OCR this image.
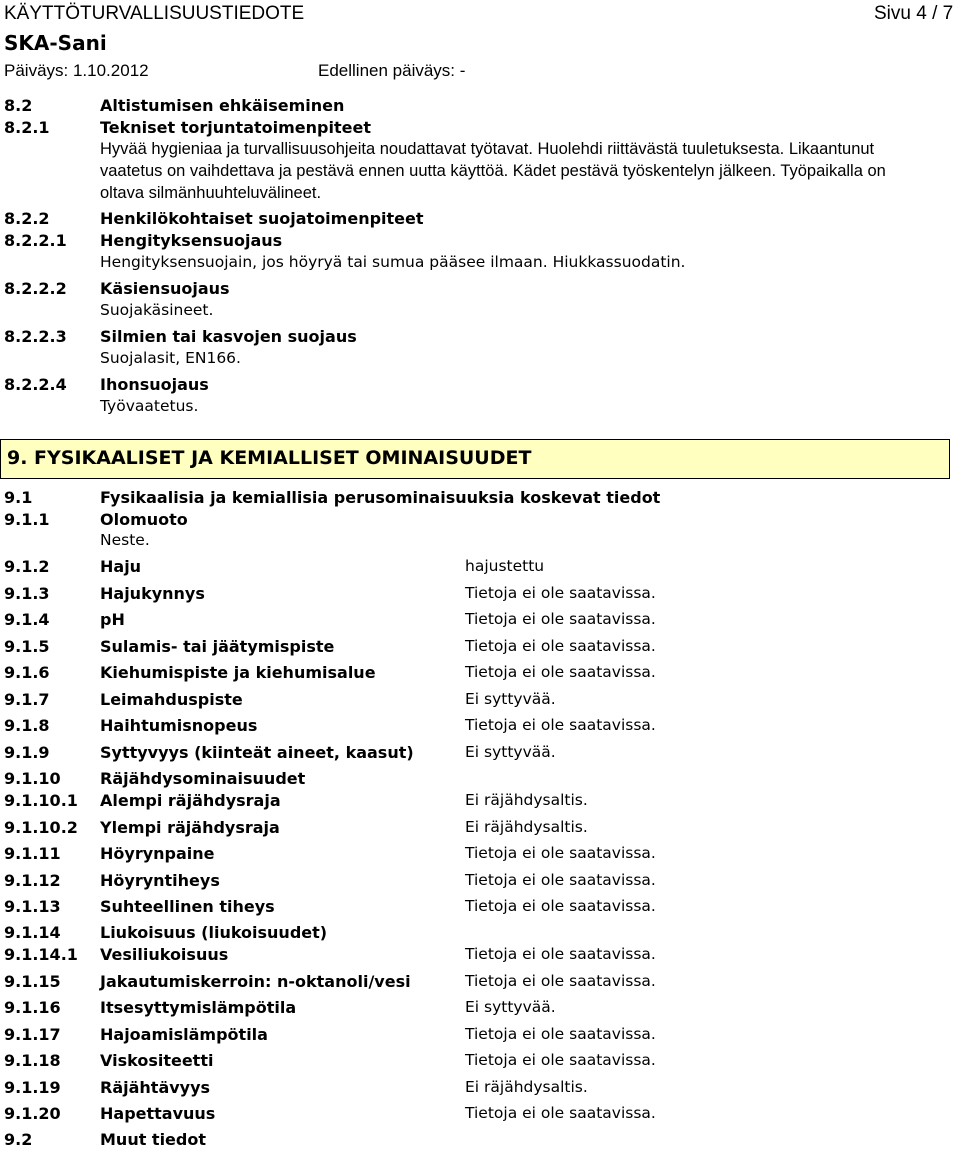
KÄYTTÖTURVALLISUUSTIEDOTE	Sivu 4 / 7
SKA-Sani
Päiväys: 1.10.2012	Edellinen päiväys: -
8.2	Altistumisen ehkäiseminen
8.2.1	Tekniset torjuntatoimenpiteet
Hyvää hygieniaa ja turvallisuusohjeita noudattavat työtavat. Huolehdi riittävästä tuuletuksesta. Likaantunut
vaatetus on vaihdettava ja pestävä ennen uutta käyttöä. Kädet pestävä työskentelyn jälkeen. Työpaikalla on
oltava silmänhuuhteluvälineet.
8.2.2	Henkilökohtaiset suojatoimenpiteet
8.2.2.1 Hengityksensuojaus
Hengityksensuojain, jos höyryä tai sumua pääsee ilmaan. Hiukkassuodatin.
8.2.2.2 Käsiensuojaus
Suojakäsineet.
8.2.2.3 Silmien tai kasvojen suojaus
Suojalasit, EN166.
8.2.2.4 Ihonsuojaus
Työvaatetus.
9. FYSIKAALISET JA KEMIALLISET OMINAISUUDET
9.1	Fysikaalisia ja kemiallisia perusominaisuuksia koskevat tiedot
9.1.1	Olomuoto
Neste.
9.1.2	Haju	hajustettu
9.1.3	Hajukynnys	Tietoja ei ole saatavissa.
9.1.4	pH	Tietoja ei ole saatavissa.
9.1.5	Sulamis- tai jäätymispiste	Tietoja ei ole saatavissa.
9.1.6	Kiehumispiste ja kiehumisalue	Tietoja ei ole saatavissa.
9.1.7	Leimahduspiste	Ei syttyvää.
9.1.8	Haihtumisnopeus	Tietoja ei ole saatavissa.
9.1.9	Syttyvyys (kiinteät aineet, kaasut)	Ei syttyvää.
9.1.10 Räjähdysominaisuudet
9.1.10.1 Alempi räjähdysraja	Ei räjähdysaltis.
9.1.10.2 Ylempi räjähdysraja	Ei räjähdysaltis.
9.1.11 Höyrynpaine	Tietoja ei ole saatavissa.
9.1.12 Höyryntiheys	Tietoja ei ole saatavissa.
9.1.13 Suhteellinen tiheys	Tietoja ei ole saatavissa.
9.1.14 Liukoisuus (liukoisuudet)
9.1.14.1 Vesiliukoisuus	Tietoja ei ole saatavissa.
9.1.15 Jakautumiskerroin: n-oktanoli/vesi	Tietoja ei ole saatavissa.
9.1.16 Itsesyttymislämpötila	Ei syttyvää.
9.1.17 Hajoamislämpötila	Tietoja ei ole saatavissa.
9.1.18 Viskositeetti	Tietoja ei ole saatavissa.
9.1.19 Räjähtävyys	Ei räjähdysaltis.
9.1.20 Hapettavuus	Tietoja ei ole saatavissa.
9.2	Muut tiedot
